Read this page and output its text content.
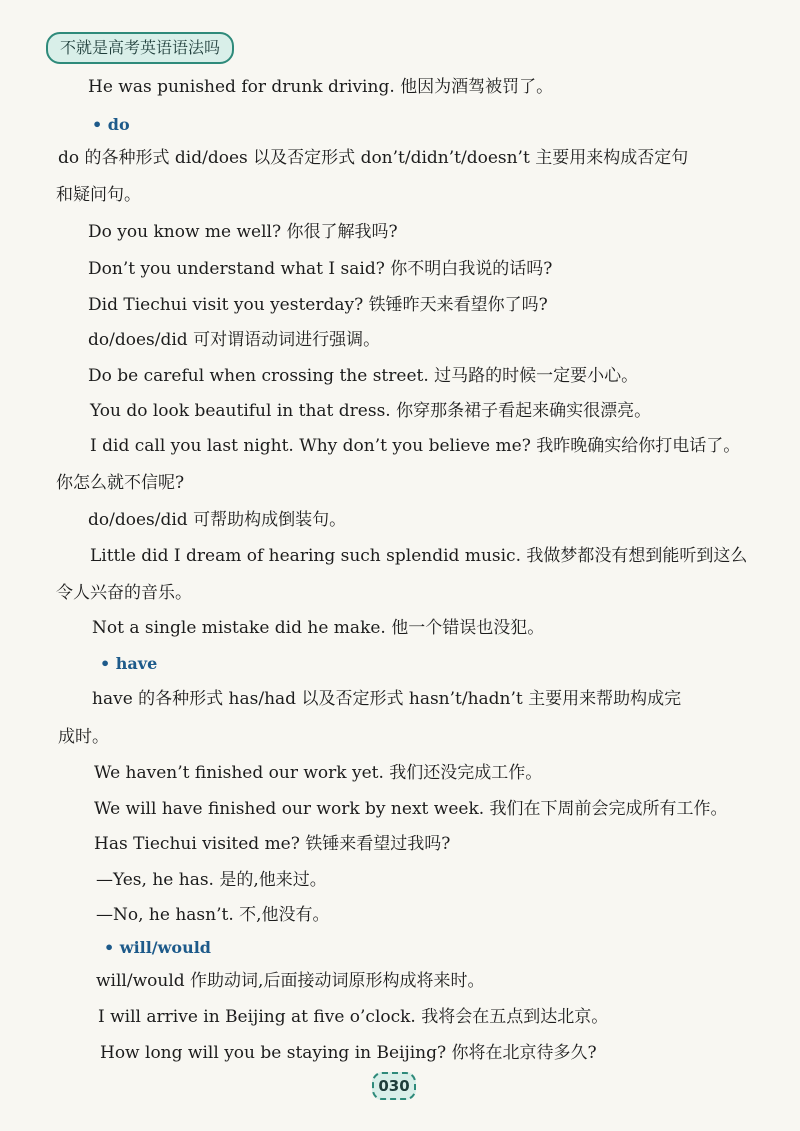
不就是高考英语语法吗
He was punished for drunk driving. 他因为酒驾被罚了。
• do
do 的各种形式 did/does 以及否定形式 don’t/didn’t/doesn’t 主要用来构成否定句
和疑问句。
Do you know me well? 你很了解我吗?
Don’t you understand what I said? 你不明白我说的话吗?
Did Tiechui visit you yesterday? 铁锤昨天来看望你了吗?
do/does/did 可对谓语动词进行强调。
Do be careful when crossing the street. 过马路的时候一定要小心。
You do look beautiful in that dress. 你穿那条裙子看起来确实很漂亮。
I did call you last night. Why don’t you believe me? 我昨晚确实给你打电话了。
你怎么就不信呢?
do/does/did 可帮助构成倒装句。
Little did I dream of hearing such splendid music. 我做梦都没有想到能听到这么
令人兴奋的音乐。
Not a single mistake did he make. 他一个错误也没犯。
• have
have 的各种形式 has/had 以及否定形式 hasn’t/hadn’t 主要用来帮助构成完
成时。
We haven’t finished our work yet. 我们还没完成工作。
We will have finished our work by next week. 我们在下周前会完成所有工作。
Has Tiechui visited me? 铁锤来看望过我吗?
—Yes, he has. 是的,他来过。
—No, he hasn’t. 不,他没有。
• will/would
will/would 作助动词,后面接动词原形构成将来时。
I will arrive in Beijing at five o’clock. 我将会在五点到达北京。
How long will you be staying in Beijing? 你将在北京待多久?
030
